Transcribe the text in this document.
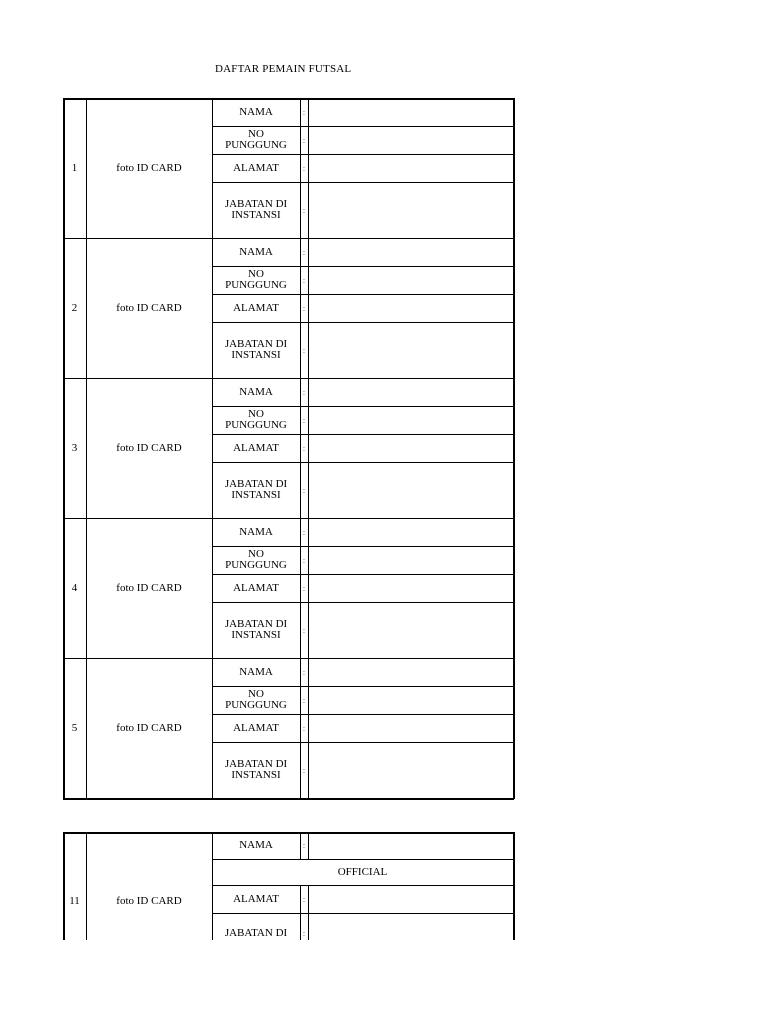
DAFTAR PEMAIN FUTSAL
1	foto ID CARD
NAMA	:
NO
PUNGGUNG	:
ALAMAT	:
JABATAN DI
INSTANSI	:
2	foto ID CARD
NAMA	:
NO
PUNGGUNG	:
ALAMAT	:
JABATAN DI
INSTANSI	:
3	foto ID CARD
NAMA	:
NO
PUNGGUNG	:
ALAMAT	:
JABATAN DI
INSTANSI	:
4	foto ID CARD
NAMA	:
NO
PUNGGUNG	:
ALAMAT	:
JABATAN DI
INSTANSI	:
5	foto ID CARD
NAMA	:
NO
PUNGGUNG	:
ALAMAT	:
JABATAN DI
INSTANSI	:
11	foto ID CARD
NAMA	:
OFFICIAL
ALAMAT	:
JABATAN DI	:
